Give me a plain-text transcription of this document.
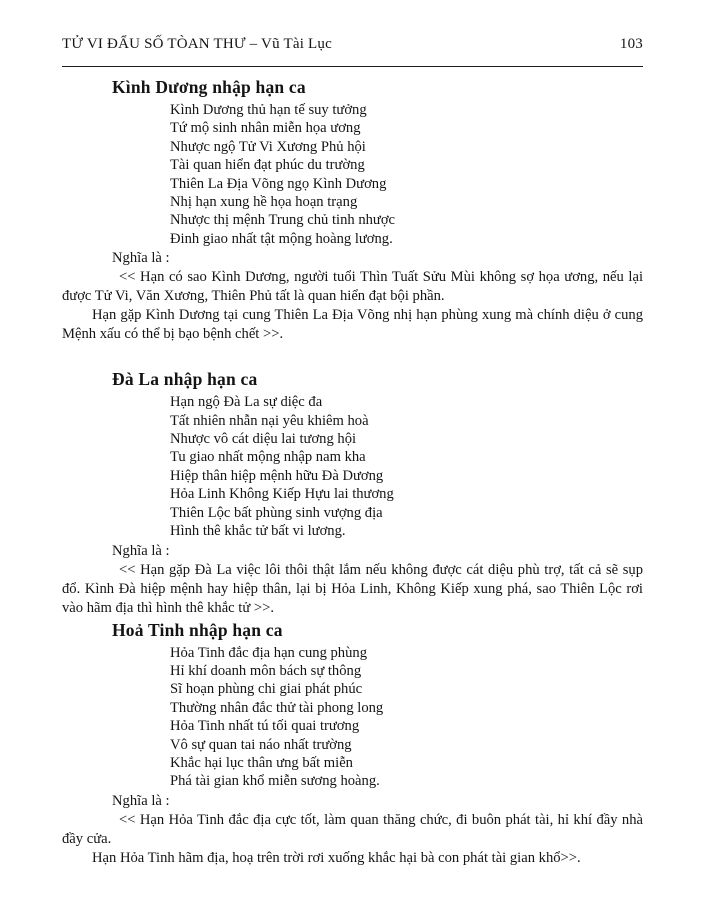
TỬ VI ĐẨU SỐ TÒAN THƯ – Vũ Tài Lục	103
Kình Dương nhập hạn ca
Kình Dương thủ hạn tế suy tưởng
Tứ mộ sinh nhân miễn họa ương
Nhược ngộ Tử Vi Xương Phủ hội
Tài quan hiển đạt phúc du trường
Thiên La Địa Võng ngọ Kình Dương
Nhị hạn xung hề họa hoạn trạng
Nhược thị mệnh Trung chủ tinh nhược
Đinh giao nhất tật mộng hoàng lương.
Nghĩa là :

<< Hạn có sao Kình Dương, người tuổi Thìn Tuất Sửu Mùi không sợ họa ương, nếu lại được Tử Vi, Văn Xương, Thiên Phủ tất là quan hiển đạt bội phần.

Hạn gặp Kình Dương tại cung Thiên La Địa Võng nhị hạn phùng xung mà chính diệu ở cung Mệnh xấu có thể bị bạo bệnh chết >>.

Đà La nhập hạn ca
Hạn ngộ Đà La sự diệc đa
Tất nhiên nhẫn nại yêu khiêm hoà
Nhược vô cát diệu lai tương hội
Tu giao nhất mộng nhập nam kha
Hiệp thân hiệp mệnh hữu Đà Dương
Hỏa Linh Không Kiếp Hựu lai thương
Thiên Lộc bất phùng sinh vượng địa
Hình thê khắc tử bất vi lương.
Nghĩa là :

<< Hạn gặp Đà La việc lôi thôi thật lắm nếu không được cát diệu phù trợ, tất cả sẽ sụp đổ. Kình Đà hiệp mệnh hay hiệp thân, lại bị Hỏa Linh, Không Kiếp xung phá, sao Thiên Lộc rơi vào hãm địa thì hình thê khắc tử >>.

Hoả Tinh nhập hạn ca
Hỏa Tinh đắc địa hạn cung phùng
Hỉ khí doanh môn bách sự thông
Sĩ hoạn phùng chi giai phát phúc
Thường nhân đắc thử tài phong long
Hỏa Tinh nhất tú tối quai trương
Vô sự quan tai náo nhất trường
Khắc hại lục thân ưng bất miễn
Phá tài gian khổ miễn sương hoàng.
Nghĩa là :

<< Hạn Hỏa Tinh đắc địa cực tốt, làm quan thăng chức, đi buôn phát tài, hỉ khí đầy nhà đầy cửa.

Hạn Hỏa Tinh hãm địa, hoạ trên trời rơi xuống khắc hại bà con phát tài gian khổ>>.
